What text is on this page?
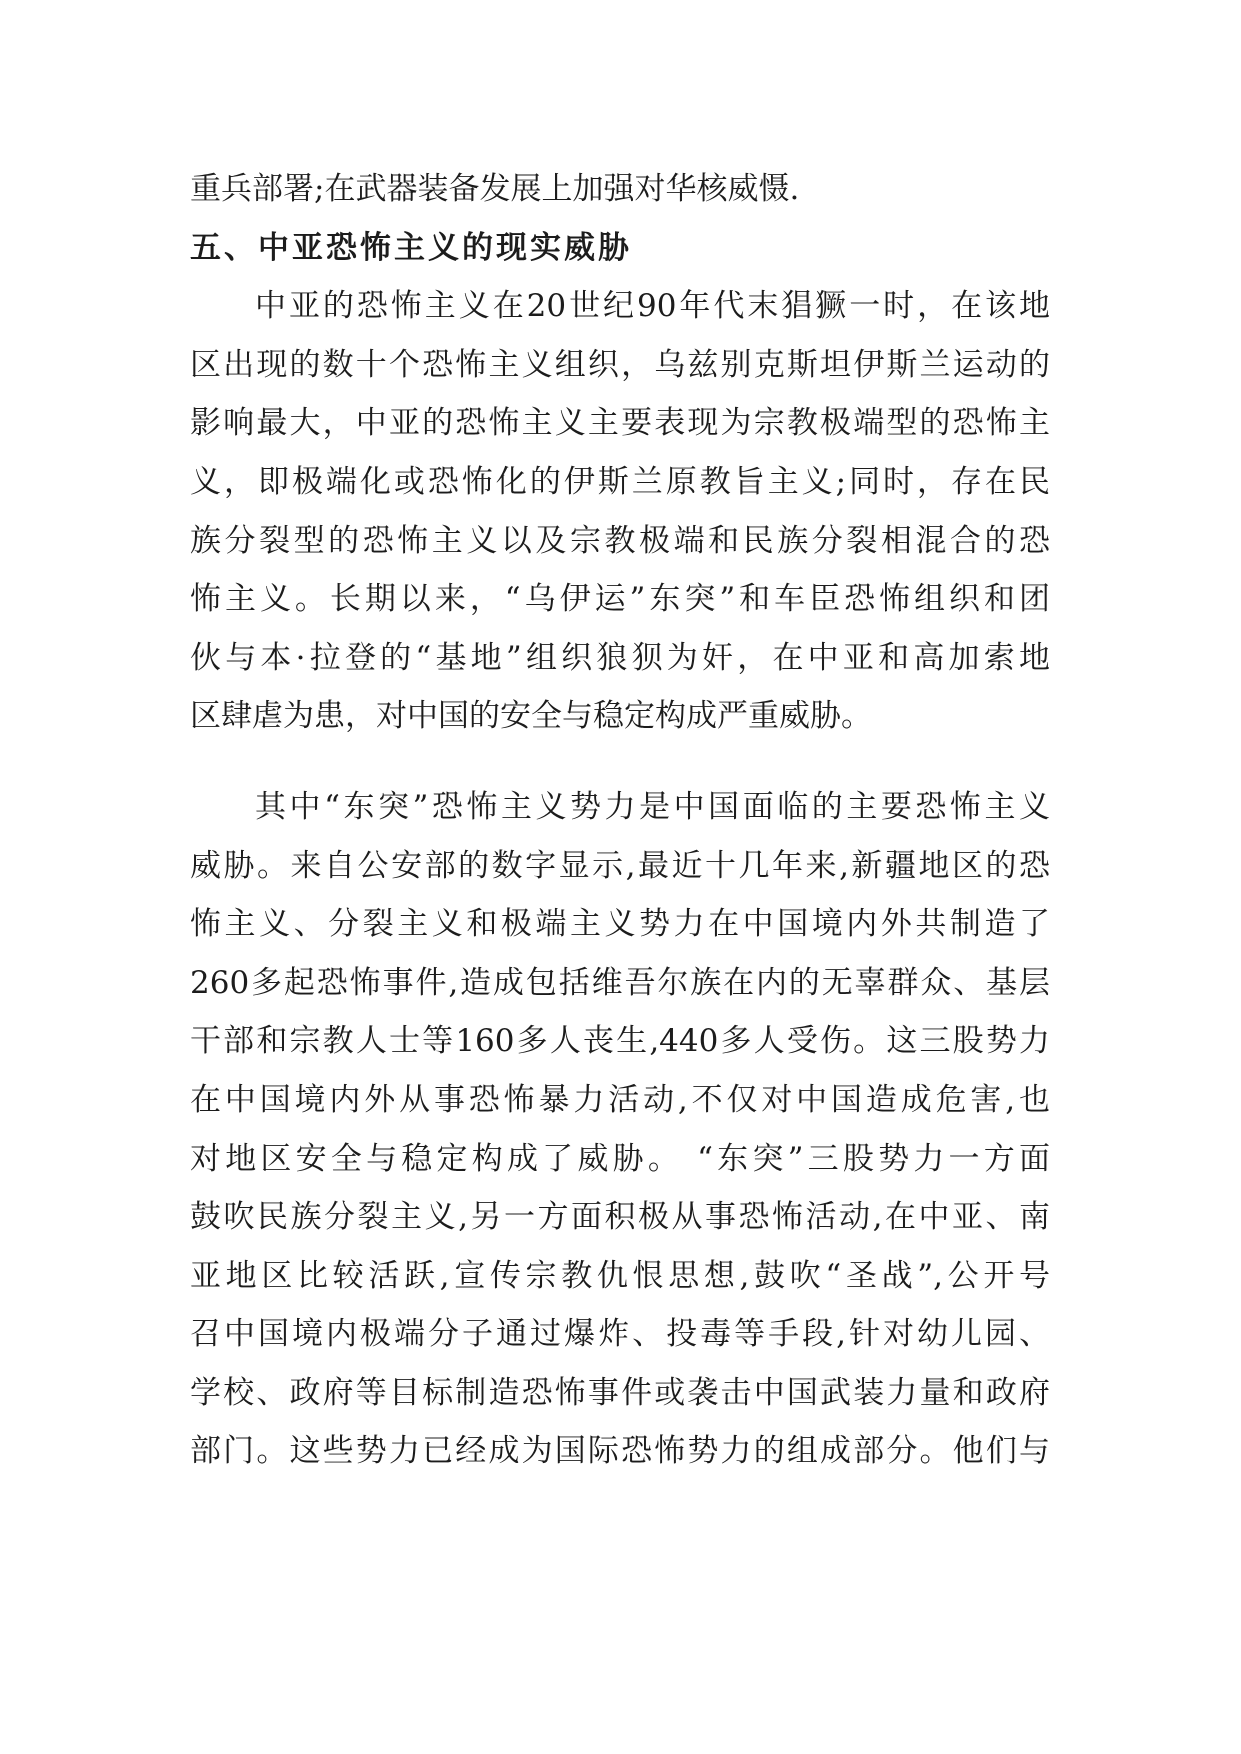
重兵部署;在武器装备发展上加强对华核威慑.
五、中亚恐怖主义的现实威胁
中亚的恐怖主义在20世纪90年代末猖獗一时，在该地
区出现的数十个恐怖主义组织，乌兹别克斯坦伊斯兰运动的
影响最大，中亚的恐怖主义主要表现为宗教极端型的恐怖主
义，即极端化或恐怖化的伊斯兰原教旨主义;同时，存在民
族分裂型的恐怖主义以及宗教极端和民族分裂相混合的恐
怖主义。长期以来，“乌伊运”东突”和车臣恐怖组织和团
伙与本·拉登的“基地”组织狼狈为奸，在中亚和高加索地
区肆虐为患，对中国的安全与稳定构成严重威胁。
其中“东突”恐怖主义势力是中国面临的主要恐怖主义
威胁。来自公安部的数字显示,最近十几年来,新疆地区的恐
怖主义、分裂主义和极端主义势力在中国境内外共制造了
260多起恐怖事件,造成包括维吾尔族在内的无辜群众、基层
干部和宗教人士等160多人丧生,440多人受伤。这三股势力
在中国境内外从事恐怖暴力活动,不仅对中国造成危害,也
对地区安全与稳定构成了威胁。 “东突”三股势力一方面
鼓吹民族分裂主义,另一方面积极从事恐怖活动,在中亚、南
亚地区比较活跃,宣传宗教仇恨思想,鼓吹“圣战”,公开号
召中国境内极端分子通过爆炸、投毒等手段,针对幼儿园、
学校、政府等目标制造恐怖事件或袭击中国武装力量和政府
部门。这些势力已经成为国际恐怖势力的组成部分。他们与
